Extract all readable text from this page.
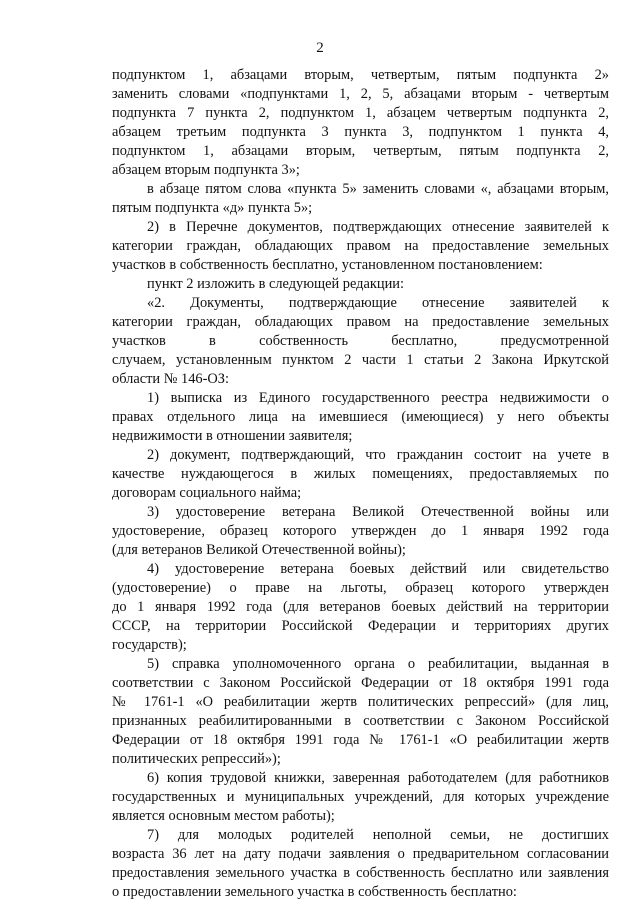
2
подпунктом 1, абзацами вторым, четвертым, пятым подпункта 2»
заменить словами «подпунктами 1, 2, 5, абзацами вторым - четвертым
подпункта 7 пункта 2, подпунктом 1, абзацем четвертым подпункта 2,
абзацем третьим подпункта 3 пункта 3, подпунктом 1 пункта 4,
подпунктом 1, абзацами вторым, четвертым, пятым подпункта 2,
абзацем вторым подпункта 3»;
в абзаце пятом слова «пункта 5» заменить словами «, абзацами вторым,
пятым подпункта «д» пункта 5»;
2) в Перечне документов, подтверждающих отнесение заявителей к
категории граждан, обладающих правом на предоставление земельных
участков в собственность бесплатно, установленном постановлением:
пункт 2 изложить в следующей редакции:
«2. Документы, подтверждающие отнесение заявителей к
категории граждан, обладающих правом на предоставление земельных
участков в собственность бесплатно, предусмотренной
случаем, установленным пунктом 2 части 1 статьи 2 Закона Иркутской
области № 146-ОЗ:
1) выписка из Единого государственного реестра недвижимости о
правах отдельного лица на имевшиеся (имеющиеся) у него объекты
недвижимости в отношении заявителя;
2) документ, подтверждающий, что гражданин состоит на учете в
качестве нуждающегося в жилых помещениях, предоставляемых по
договорам социального найма;
3) удостоверение ветерана Великой Отечественной войны или
удостоверение, образец которого утвержден до 1 января 1992 года
(для ветеранов Великой Отечественной войны);
4) удостоверение ветерана боевых действий или свидетельство
(удостоверение) о праве на льготы, образец которого утвержден
до 1 января 1992 года (для ветеранов боевых действий на территории
СССР, на территории Российской Федерации и территориях других
государств);
5) справка уполномоченного органа о реабилитации, выданная в
соответствии с Законом Российской Федерации от 18 октября 1991 года
№ 1761-1 «О реабилитации жертв политических репрессий» (для лиц,
признанных реабилитированными в соответствии с Законом Российской
Федерации от 18 октября 1991 года № 1761-1 «О реабилитации жертв
политических репрессий»);
6) копия трудовой книжки, заверенная работодателем (для работников
государственных и муниципальных учреждений, для которых учреждение
является основным местом работы);
7) для молодых родителей неполной семьи, не достигших
возраста 36 лет на дату подачи заявления о предварительном согласовании
предоставления земельного участка в собственность бесплатно или заявления
о предоставлении земельного участка в собственность бесплатно:
